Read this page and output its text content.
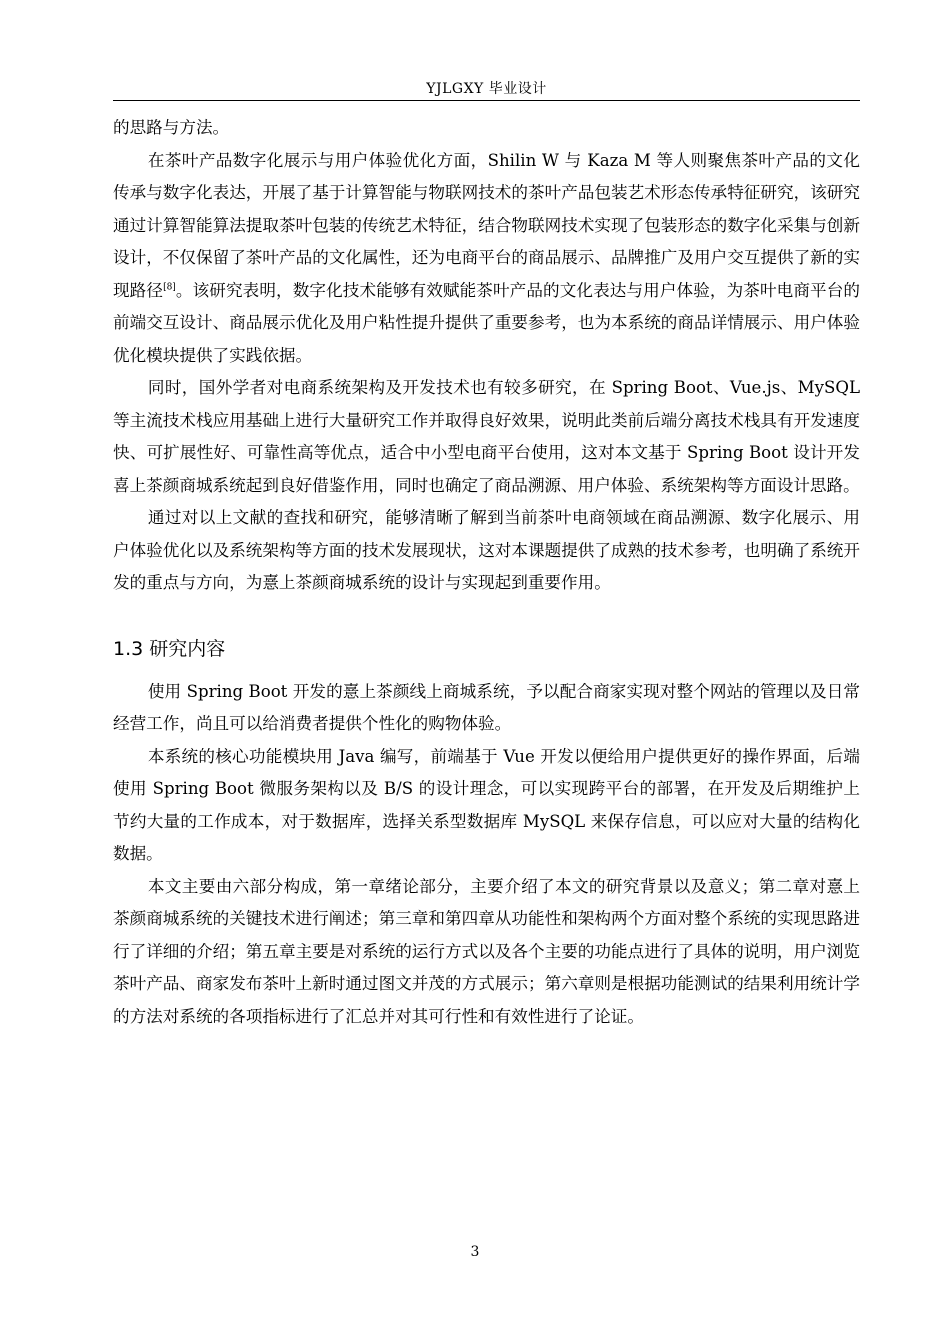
YJLGXY 毕业设计

的思路与方法。

在茶叶产品数字化展示与用户体验优化方面，Shilin W 与 Kaza M 等人则聚焦茶叶产品的文化传承与数字化表达，开展了基于计算智能与物联网技术的茶叶产品包装艺术形态传承特征研究，该研究通过计算智能算法提取茶叶包装的传统艺术特征，结合物联网技术实现了包装形态的数字化采集与创新设计，不仅保留了茶叶产品的文化属性，还为电商平台的商品展示、品牌推广及用户交互提供了新的实现路径[8]。该研究表明，数字化技术能够有效赋能茶叶产品的文化表达与用户体验，为茶叶电商平台的前端交互设计、商品展示优化及用户粘性提升提供了重要参考，也为本系统的商品详情展示、用户体验优化模块提供了实践依据。

同时，国外学者对电商系统架构及开发技术也有较多研究，在 Spring Boot、Vue.js、MySQL 等主流技术栈应用基础上进行大量研究工作并取得良好效果，说明此类前后端分离技术栈具有开发速度快、可扩展性好、可靠性高等优点，适合中小型电商平台使用，这对本文基于 Spring Boot 设计开发喜上茶颜商城系统起到良好借鉴作用，同时也确定了商品溯源、用户体验、系统架构等方面设计思路。

通过对以上文献的查找和研究，能够清晰了解到当前茶叶电商领域在商品溯源、数字化展示、用户体验优化以及系统架构等方面的技术发展现状，这对本课题提供了成熟的技术参考，也明确了系统开发的重点与方向，为憙上茶颜商城系统的设计与实现起到重要作用。

1.3 研究内容

使用 Spring Boot 开发的憙上茶颜线上商城系统，予以配合商家实现对整个网站的管理以及日常经营工作，尚且可以给消费者提供个性化的购物体验。

本系统的核心功能模块用 Java 编写，前端基于 Vue 开发以便给用户提供更好的操作界面，后端使用 Spring Boot 微服务架构以及 B/S 的设计理念，可以实现跨平台的部署，在开发及后期维护上节约大量的工作成本，对于数据库，选择关系型数据库 MySQL 来保存信息，可以应对大量的结构化数据。

本文主要由六部分构成，第一章绪论部分，主要介绍了本文的研究背景以及意义；第二章对憙上茶颜商城系统的关键技术进行阐述；第三章和第四章从功能性和架构两个方面对整个系统的实现思路进行了详细的介绍；第五章主要是对系统的运行方式以及各个主要的功能点进行了具体的说明，用户浏览茶叶产品、商家发布茶叶上新时通过图文并茂的方式展示；第六章则是根据功能测试的结果利用统计学的方法对系统的各项指标进行了汇总并对其可行性和有效性进行了论证。

3
